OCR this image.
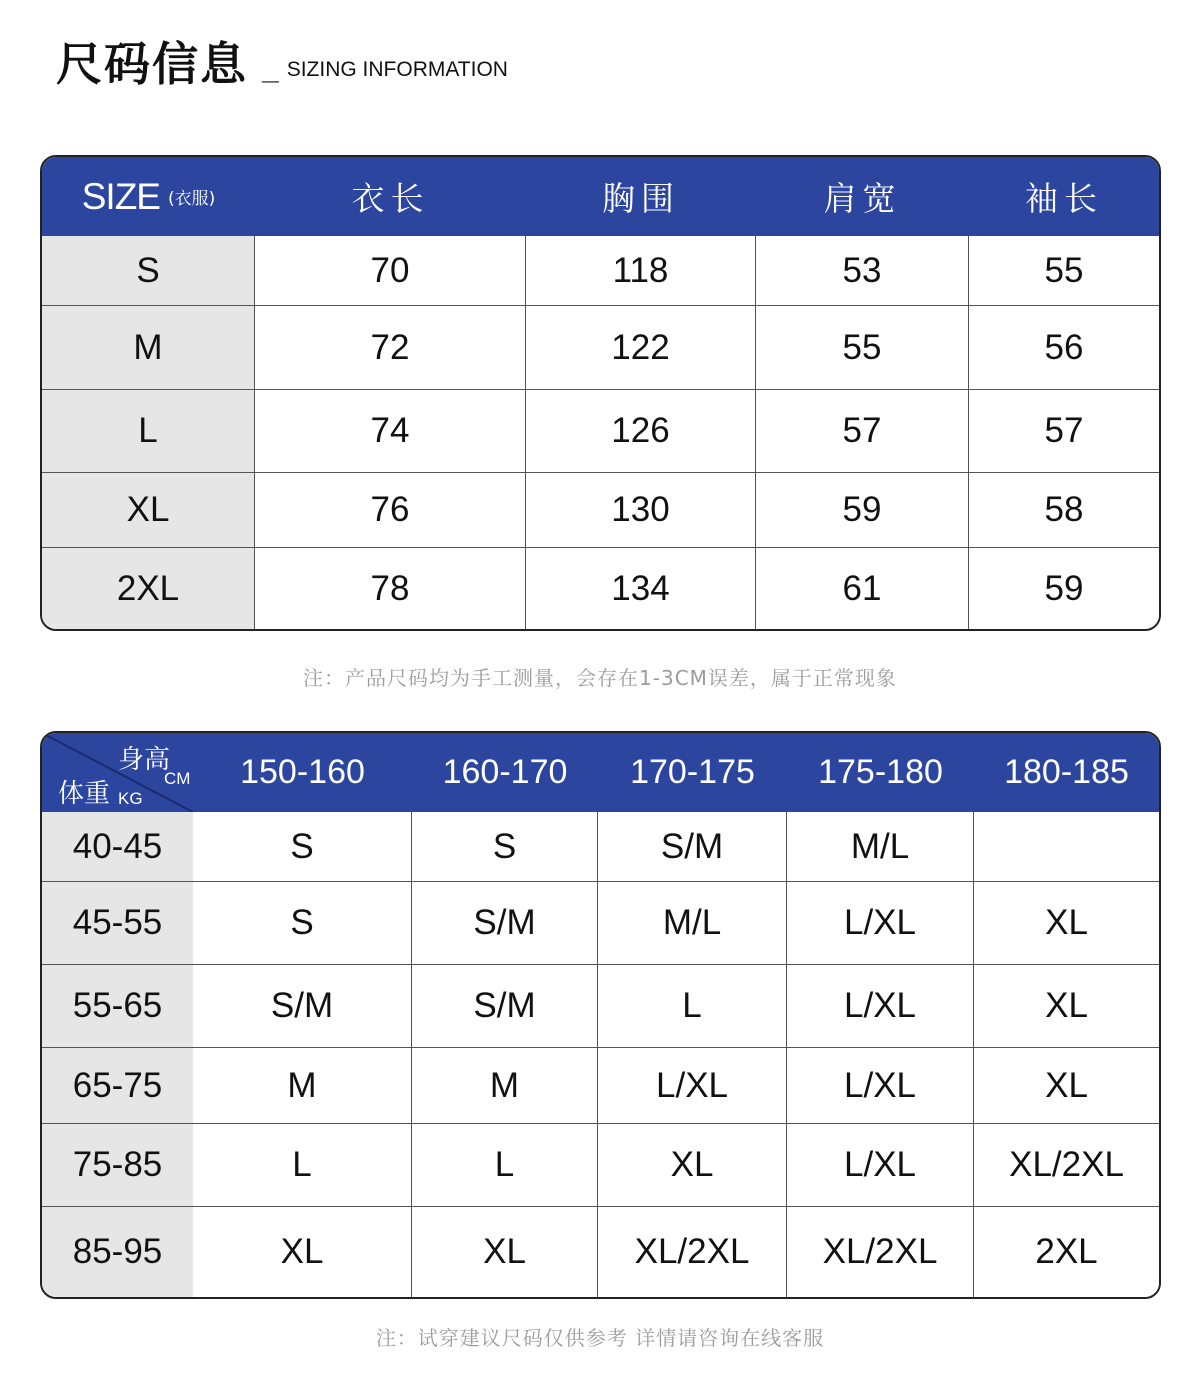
尺码信息 _ SIZING INFORMATION
SIZE (衣服)	衣长	胸围	肩宽	袖长
S	70	118	53	55
M	72	122	55	56
L	74	126	57	57
XL	76	130	59	58
2XL	78	134	61	59
注：产品尺码均为手工测量，会存在1-3CM误差，属于正常现象
身高
CM
体重 KG
150-160 160-170 170-175 175-180 180-185
40-45	S	S	S/M	M/L
45-55	S	S/M	M/L	L/XL	XL
55-65	S/M	S/M	L	L/XL	XL
65-75	M	M	L/XL	L/XL	XL
75-85	L	L	XL	L/XL	XL/2XL
85-95	XL	XL	XL/2XL	XL/2XL	2XL
注：试穿建议尺码仅供参考 详情请咨询在线客服
